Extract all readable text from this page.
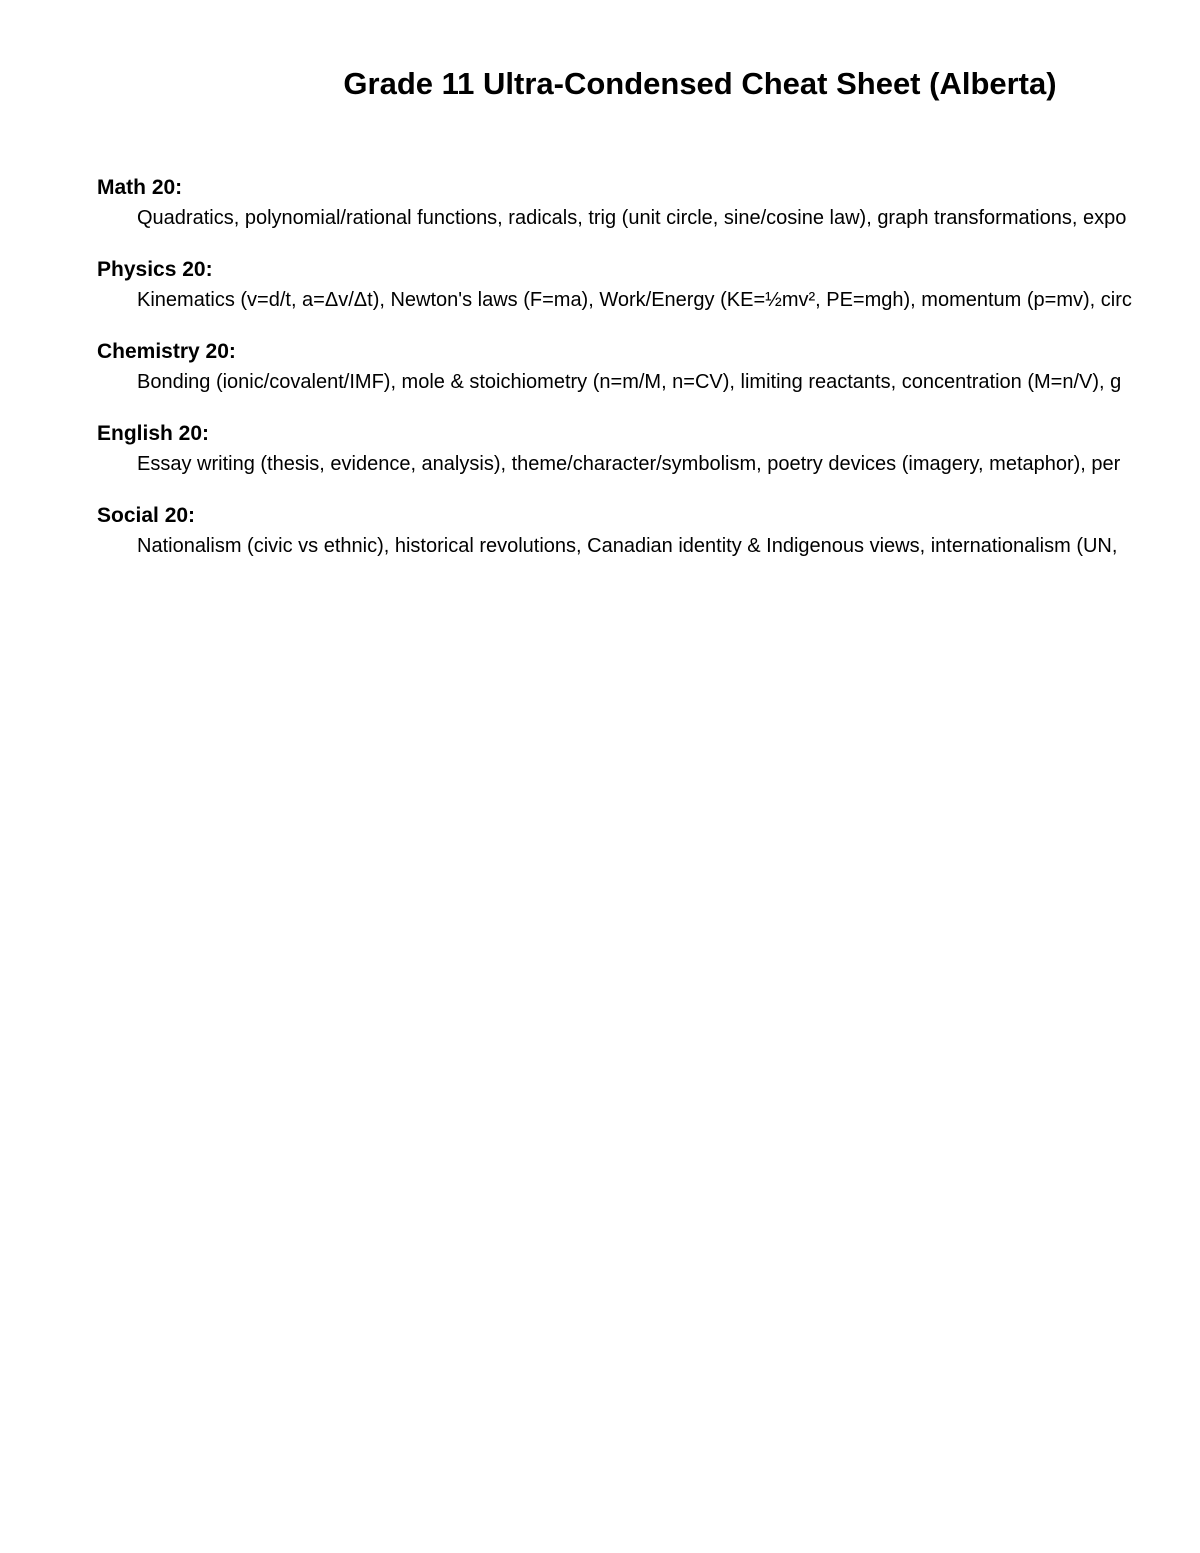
Grade 11 Ultra-Condensed Cheat Sheet (Alberta)
Math 20:
Quadratics, polynomial/rational functions, radicals, trig (unit circle, sine/cosine law), graph transformations, expo
Physics 20:
Kinematics (v=d/t, a=Δv/Δt), Newton's laws (F=ma), Work/Energy (KE=½mv², PE=mgh), momentum (p=mv), circ
Chemistry 20:
Bonding (ionic/covalent/IMF), mole & stoichiometry (n=m/M, n=CV), limiting reactants, concentration (M=n/V), g
English 20:
Essay writing (thesis, evidence, analysis), theme/character/symbolism, poetry devices (imagery, metaphor), per
Social 20:
Nationalism (civic vs ethnic), historical revolutions, Canadian identity & Indigenous views, internationalism (UN,
